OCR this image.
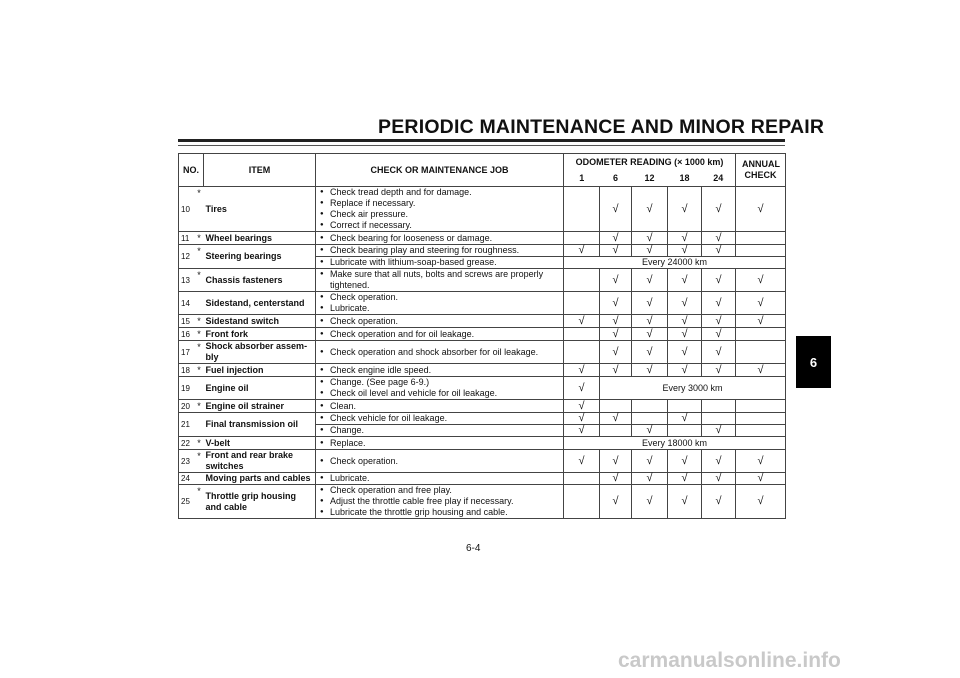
PERIODIC MAINTENANCE AND MINOR REPAIR
NO.		ITEM	CHECK OR MAINTENANCE JOB	ODOMETER READING (× 1000 km)					ANNUAL CHECK
				1	6	12	18	24	
10	*	Tires	● Check tread depth and for damage.
● Replace if necessary.
● Check air pressure.
● Correct if necessary.		√	√	√	√	√
11	*	Wheel bearings	● Check bearing for looseness or damage.		√	√	√	√	
12	*	Steering bearings	● Check bearing play and steering for roughness.	√	√	√	√	√	

			● Lubricate with lithium-soap-based grease.	Every 24000 km					
13	*	Chassis fasteners	● Make sure that all nuts, bolts and screws are properly tightened.		√	√	√	√	√
14		Sidestand, centerstand	● Check operation.
● Lubricate.		√	√	√	√	√
15	*	Sidestand switch	● Check operation.	√	√	√	√	√	√
16	*	Front fork	● Check operation and for oil leakage.		√	√	√	√	
17	*	Shock absorber assem-bly	● Check operation and shock absorber for oil leakage.		√	√	√	√	
18	*	Fuel injection	● Check engine idle speed.	√	√	√	√	√	√
19		Engine oil	● Change. (See page 6-9.)
● Check oil level and vehicle for oil leakage.	√	Every 3000 km				
20	*	Engine oil strainer	● Clean.	√					
21		Final transmission oil	● Check vehicle for oil leakage.	√	√		√		

			● Change.	√		√		√	
22	*	V-belt	● Replace.	Every 18000 km					
23	*	Front and rear brake switches	● Check operation.	√	√	√	√	√	√
24		Moving parts and cables	● Lubricate.		√	√	√	√	√
25	*	Throttle grip housing and cable	● Check operation and free play.
● Adjust the throttle cable free play if necessary.
● Lubricate the throttle grip housing and cable.		√	√	√	√	√
6
6-4
carmanualsonline.info
